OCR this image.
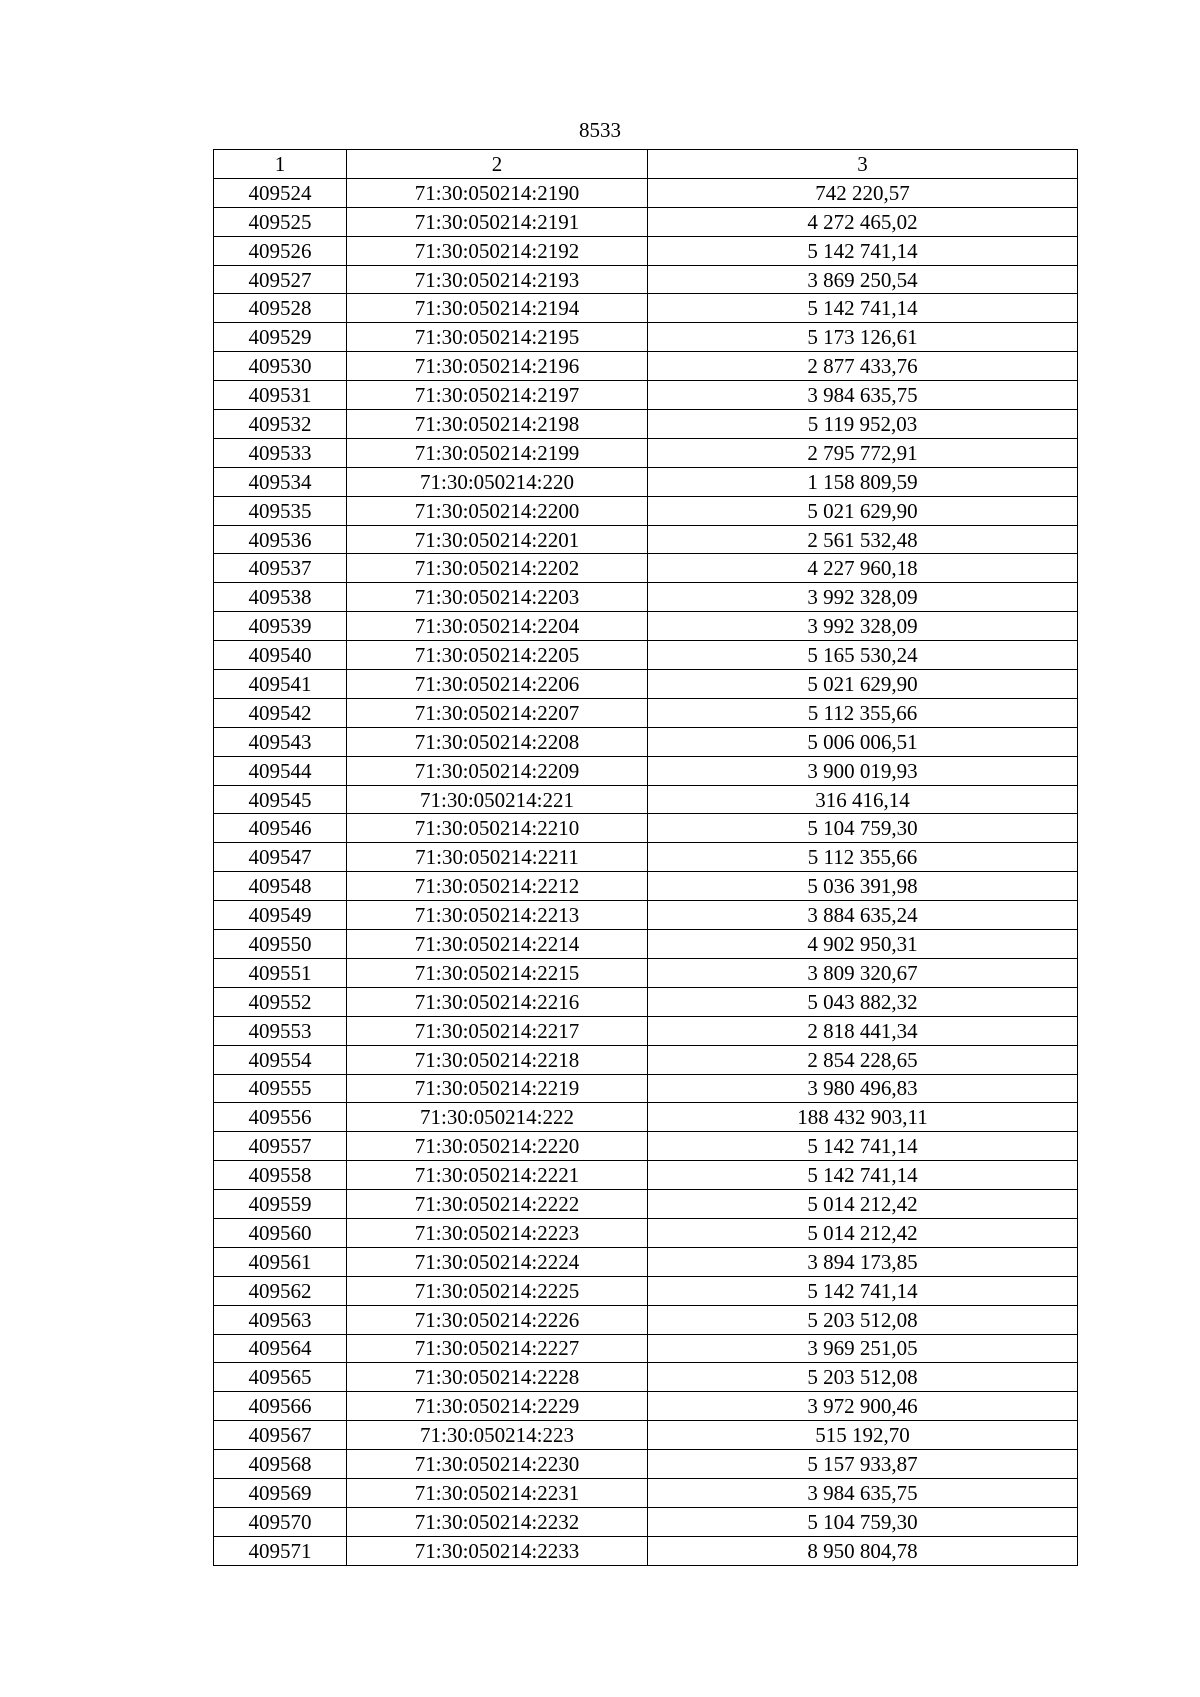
8533
1	2	3
409524	71:30:050214:2190	742 220,57
409525	71:30:050214:2191	4 272 465,02
409526	71:30:050214:2192	5 142 741,14
409527	71:30:050214:2193	3 869 250,54
409528	71:30:050214:2194	5 142 741,14
409529	71:30:050214:2195	5 173 126,61
409530	71:30:050214:2196	2 877 433,76
409531	71:30:050214:2197	3 984 635,75
409532	71:30:050214:2198	5 119 952,03
409533	71:30:050214:2199	2 795 772,91
409534	71:30:050214:220	1 158 809,59
409535	71:30:050214:2200	5 021 629,90
409536	71:30:050214:2201	2 561 532,48
409537	71:30:050214:2202	4 227 960,18
409538	71:30:050214:2203	3 992 328,09
409539	71:30:050214:2204	3 992 328,09
409540	71:30:050214:2205	5 165 530,24
409541	71:30:050214:2206	5 021 629,90
409542	71:30:050214:2207	5 112 355,66
409543	71:30:050214:2208	5 006 006,51
409544	71:30:050214:2209	3 900 019,93
409545	71:30:050214:221	316 416,14
409546	71:30:050214:2210	5 104 759,30
409547	71:30:050214:2211	5 112 355,66
409548	71:30:050214:2212	5 036 391,98
409549	71:30:050214:2213	3 884 635,24
409550	71:30:050214:2214	4 902 950,31
409551	71:30:050214:2215	3 809 320,67
409552	71:30:050214:2216	5 043 882,32
409553	71:30:050214:2217	2 818 441,34
409554	71:30:050214:2218	2 854 228,65
409555	71:30:050214:2219	3 980 496,83
409556	71:30:050214:222	188 432 903,11
409557	71:30:050214:2220	5 142 741,14
409558	71:30:050214:2221	5 142 741,14
409559	71:30:050214:2222	5 014 212,42
409560	71:30:050214:2223	5 014 212,42
409561	71:30:050214:2224	3 894 173,85
409562	71:30:050214:2225	5 142 741,14
409563	71:30:050214:2226	5 203 512,08
409564	71:30:050214:2227	3 969 251,05
409565	71:30:050214:2228	5 203 512,08
409566	71:30:050214:2229	3 972 900,46
409567	71:30:050214:223	515 192,70
409568	71:30:050214:2230	5 157 933,87
409569	71:30:050214:2231	3 984 635,75
409570	71:30:050214:2232	5 104 759,30
409571	71:30:050214:2233	8 950 804,78
